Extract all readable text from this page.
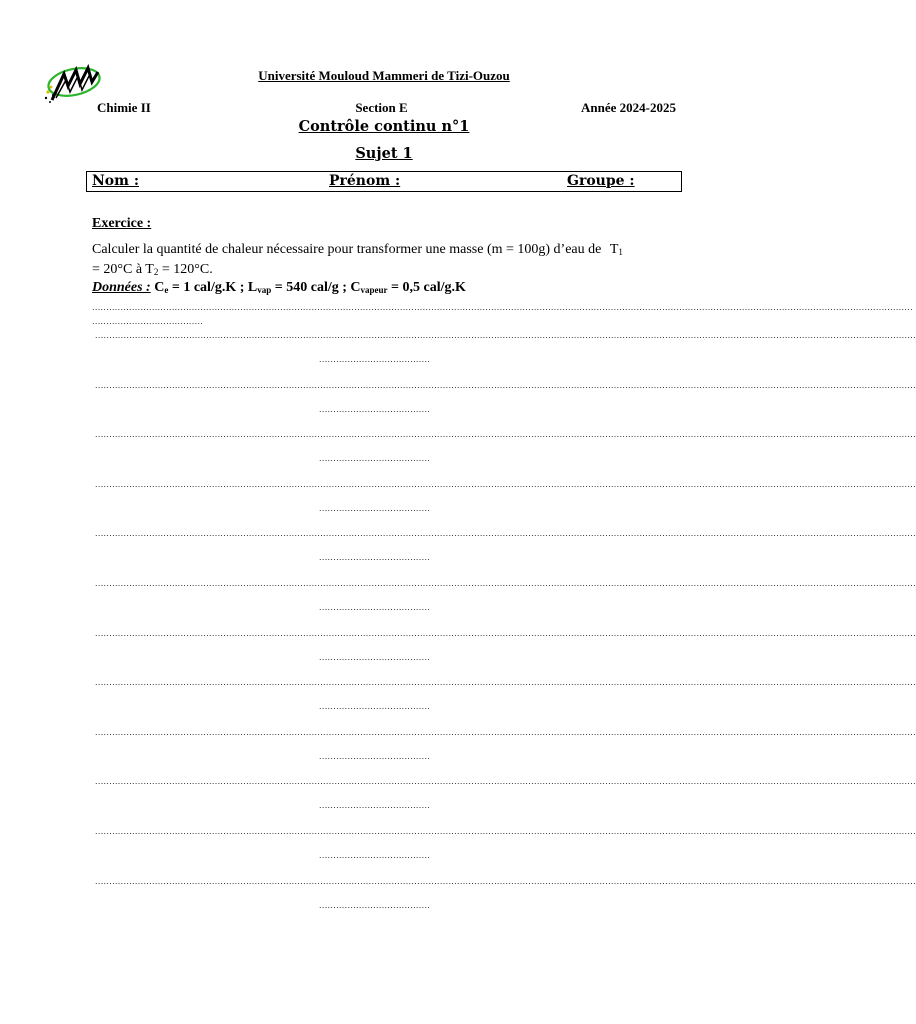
Université Mouloud Mammeri de Tizi-Ouzou
Chimie II	Section E	Année 2024-2025
Contrôle continu n°1
Sujet 1
Nom :	Prénom :	Groupe :
Exercice :
Calculer la quantité de chaleur nécessaire pour transformer une masse (m = 100g) d’eau de $T_1$
= 20°C à $T_2 = 120^\circ C$.
Données : $C_e = 1$ cal/g.K ; $L_{vap} = 540$ cal/g ; $C_{vapeur} = 0,5$ cal/g.K
................................................................................................................................................................................................................................................................................................
.......................................
................................................................................................................................................................................................................................................................................................
.......................................
................................................................................................................................................................................................................................................................................................
.......................................
................................................................................................................................................................................................................................................................................................
.......................................
................................................................................................................................................................................................................................................................................................
.......................................
................................................................................................................................................................................................................................................................................................
.......................................
................................................................................................................................................................................................................................................................................................
.......................................
................................................................................................................................................................................................................................................................................................
.......................................
................................................................................................................................................................................................................................................................................................
.......................................
................................................................................................................................................................................................................................................................................................
.......................................
................................................................................................................................................................................................................................................................................................
.......................................
................................................................................................................................................................................................................................................................................................
.......................................
................................................................................................................................................................................................................................................................................................
.......................................
